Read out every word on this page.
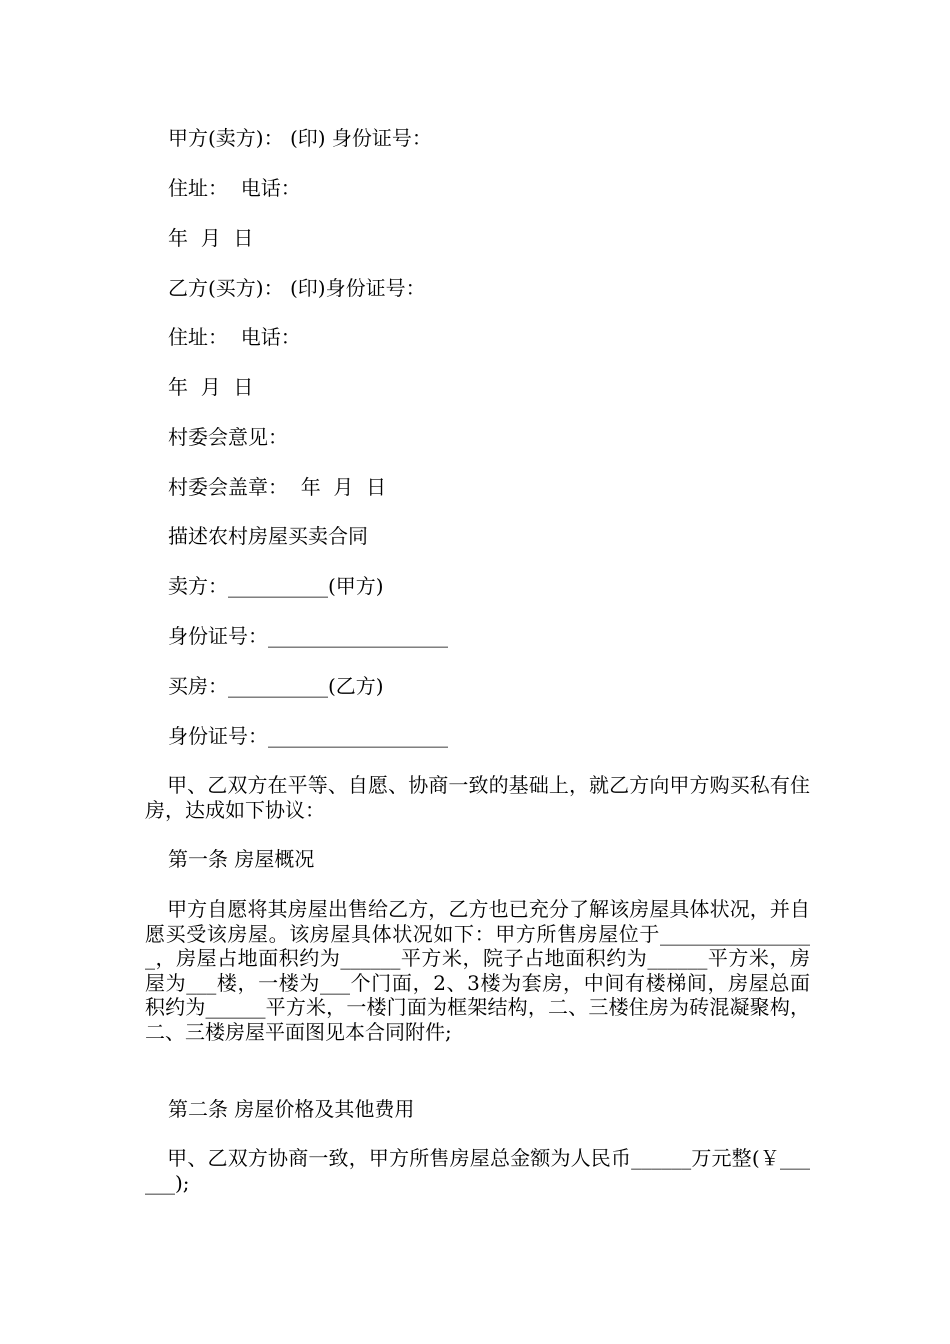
甲方(卖方)： (印) 身份证号：

住址：  电话：

年  月  日

乙方(买方)： (印)身份证号：

住址：  电话：

年  月  日

村委会意见：

村委会盖章：  年  月  日

描述农村房屋买卖合同

卖方：__________(甲方)

身份证号：__________________

买房：__________(乙方)

身份证号：__________________

甲、乙双方在平等、自愿、协商一致的基础上，就乙方向甲方购买私有住房，达成如下协议：

第一条 房屋概况

甲方自愿将其房屋出售给乙方，乙方也已充分了解该房屋具体状况，并自愿买受该房屋。该房屋具体状况如下：甲方所售房屋位于________________，房屋占地面积约为______平方米，院子占地面积约为______平方米，房屋为___楼，一楼为___个门面，2、3楼为套房，中间有楼梯间，房屋总面积约为______平方米，一楼门面为框架结构，二、三楼住房为砖混凝聚构，二、三楼房屋平面图见本合同附件;

第二条 房屋价格及其他费用

甲、乙双方协商一致，甲方所售房屋总金额为人民币______万元整(￥______);
